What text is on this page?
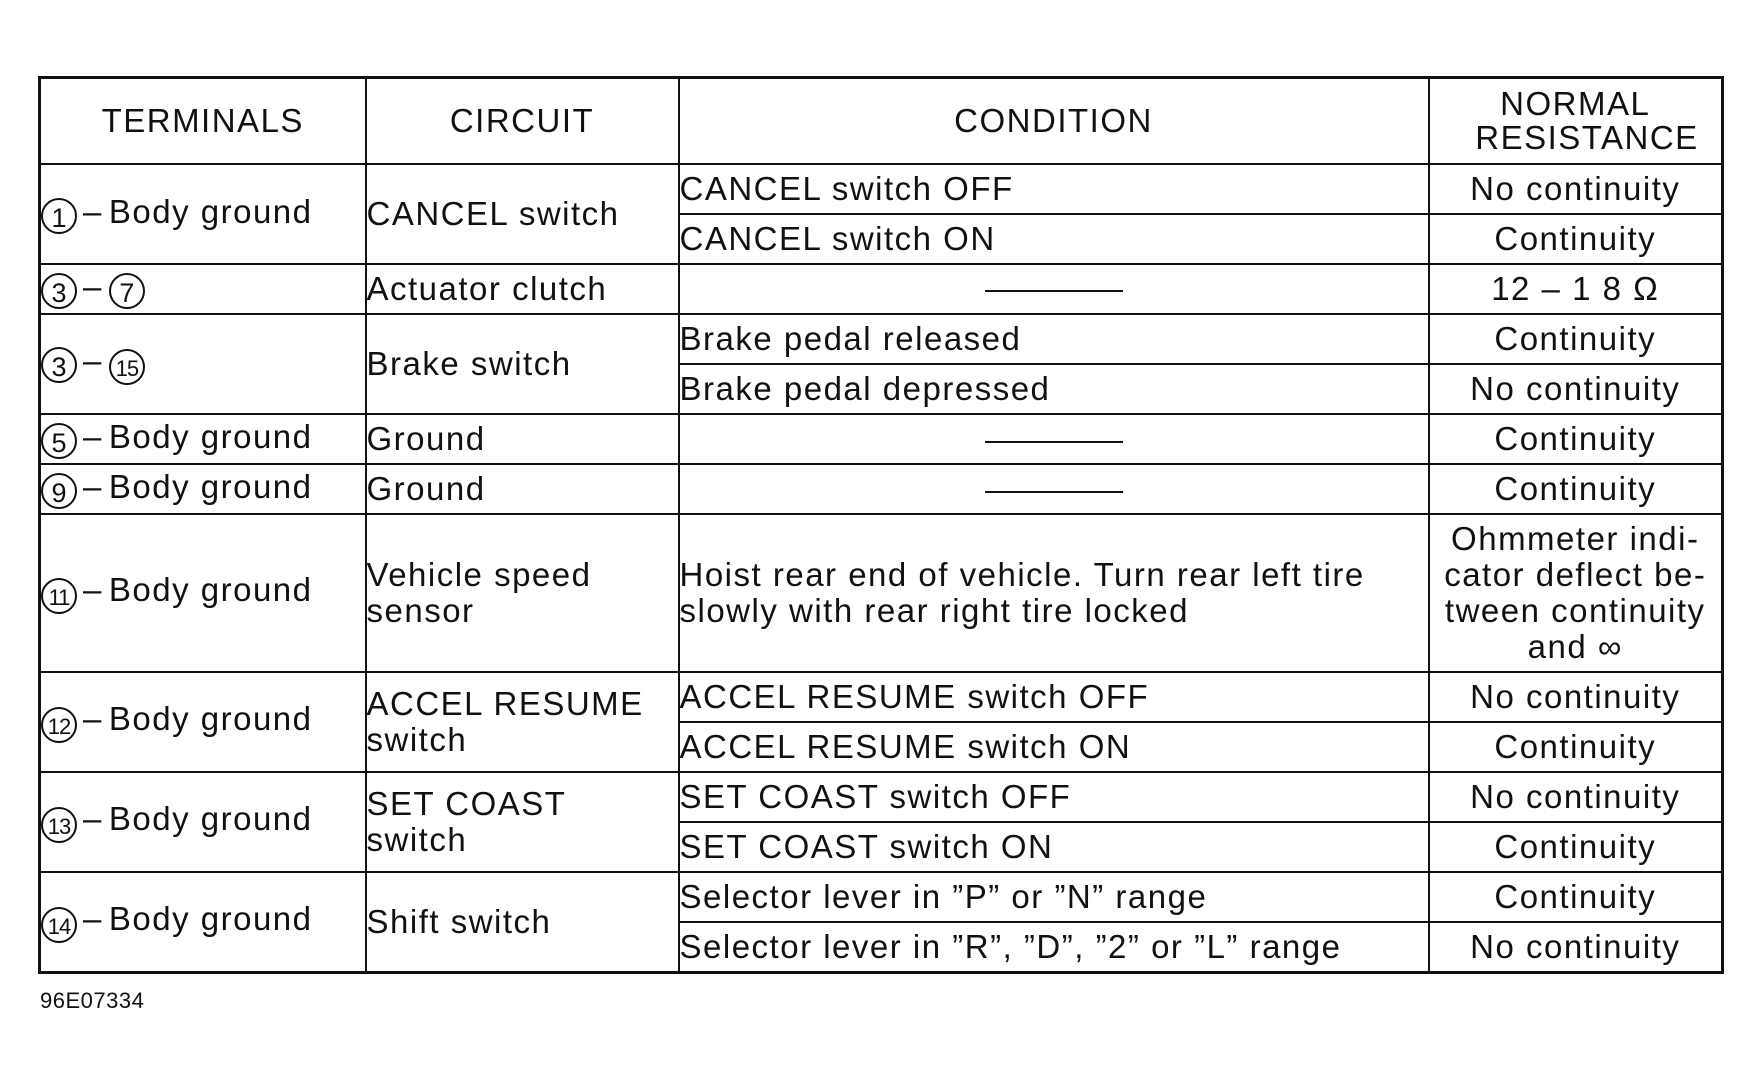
TERMINALS	CIRCUIT	CONDITION	NORMAL RESISTANCE
1 – Body ground	CANCEL switch	CANCEL switch OFF	No continuity
		CANCEL switch ON	Continuity
3 – 7	Actuator clutch		12 – 1 8 Ω
3 – 15	Brake switch	Brake pedal released	Continuity
		Brake pedal depressed	No continuity
5 – Body ground	Ground		Continuity
9 – Body ground	Ground		Continuity
11 – Body ground	Vehicle speed sensor	Hoist rear end of vehicle. Turn rear left tire slowly with rear right tire locked	Ohmmeter indi-cator deflect be-tween continuity and ∞
12 – Body ground	ACCEL RESUME switch	ACCEL RESUME switch OFF	No continuity
		ACCEL RESUME switch ON	Continuity
13 – Body ground	SET COAST switch	SET COAST switch OFF	No continuity
		SET COAST switch ON	Continuity
14 – Body ground	Shift switch	Selector lever in ”P” or ”N” range	Continuity
		Selector lever in ”R”, ”D”, ”2” or ”L” range	No continuity
96E07334
